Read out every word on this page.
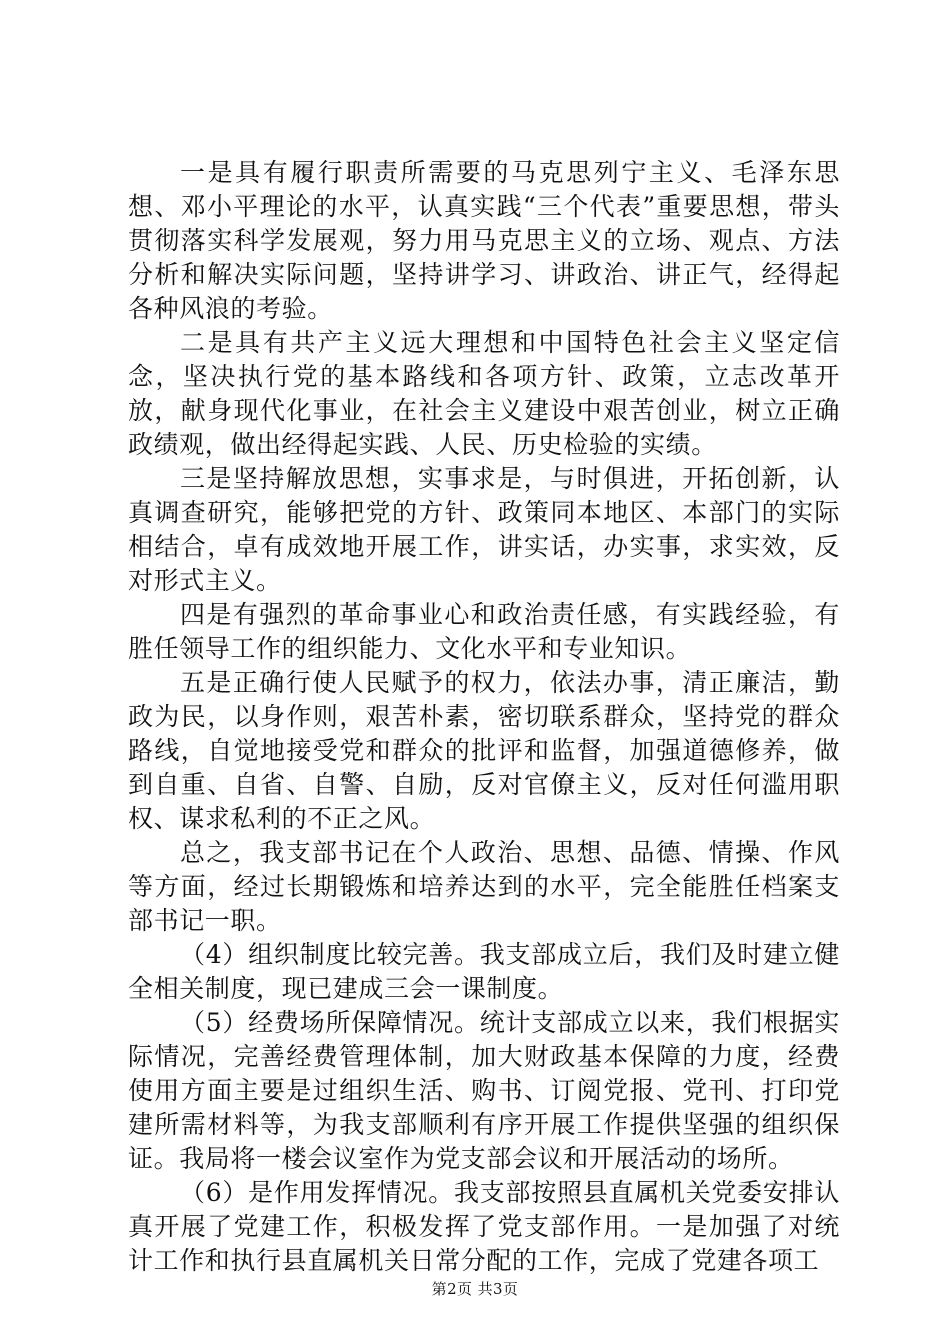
一是具有履行职责所需要的马克思列宁主义、毛泽东思想、邓小平理论的水平，认真实践“三个代表”重要思想，带头贯彻落实科学发展观，努力用马克思主义的立场、观点、方法分析和解决实际问题，坚持讲学习、讲政治、讲正气，经得起各种风浪的考验。

二是具有共产主义远大理想和中国特色社会主义坚定信念，坚决执行党的基本路线和各项方针、政策，立志改革开放，献身现代化事业，在社会主义建设中艰苦创业，树立正确政绩观，做出经得起实践、人民、历史检验的实绩。

三是坚持解放思想，实事求是，与时俱进，开拓创新，认真调查研究，能够把党的方针、政策同本地区、本部门的实际相结合，卓有成效地开展工作，讲实话，办实事，求实效，反对形式主义。

四是有强烈的革命事业心和政治责任感，有实践经验，有胜任领导工作的组织能力、文化水平和专业知识。

五是正确行使人民赋予的权力，依法办事，清正廉洁，勤政为民，以身作则，艰苦朴素，密切联系群众，坚持党的群众路线，自觉地接受党和群众的批评和监督，加强道德修养，做到自重、自省、自警、自励，反对官僚主义，反对任何滥用职权、谋求私利的不正之风。

总之，我支部书记在个人政治、思想、品德、情操、作风等方面，经过长期锻炼和培养达到的水平，完全能胜任档案支部书记一职。

（4）组织制度比较完善。我支部成立后，我们及时建立健全相关制度，现已建成三会一课制度。

（5）经费场所保障情况。统计支部成立以来，我们根据实际情况，完善经费管理体制，加大财政基本保障的力度，经费使用方面主要是过组织生活、购书、订阅党报、党刊、打印党建所需材料等，为我支部顺利有序开展工作提供坚强的组织保证。我局将一楼会议室作为党支部会议和开展活动的场所。

（6）是作用发挥情况。我支部按照县直属机关党委安排认真开展了党建工作，积极发挥了党支部作用。一是加强了对统计工作和执行县直属机关日常分配的工作，完成了党建各项工

第2页 共3页
